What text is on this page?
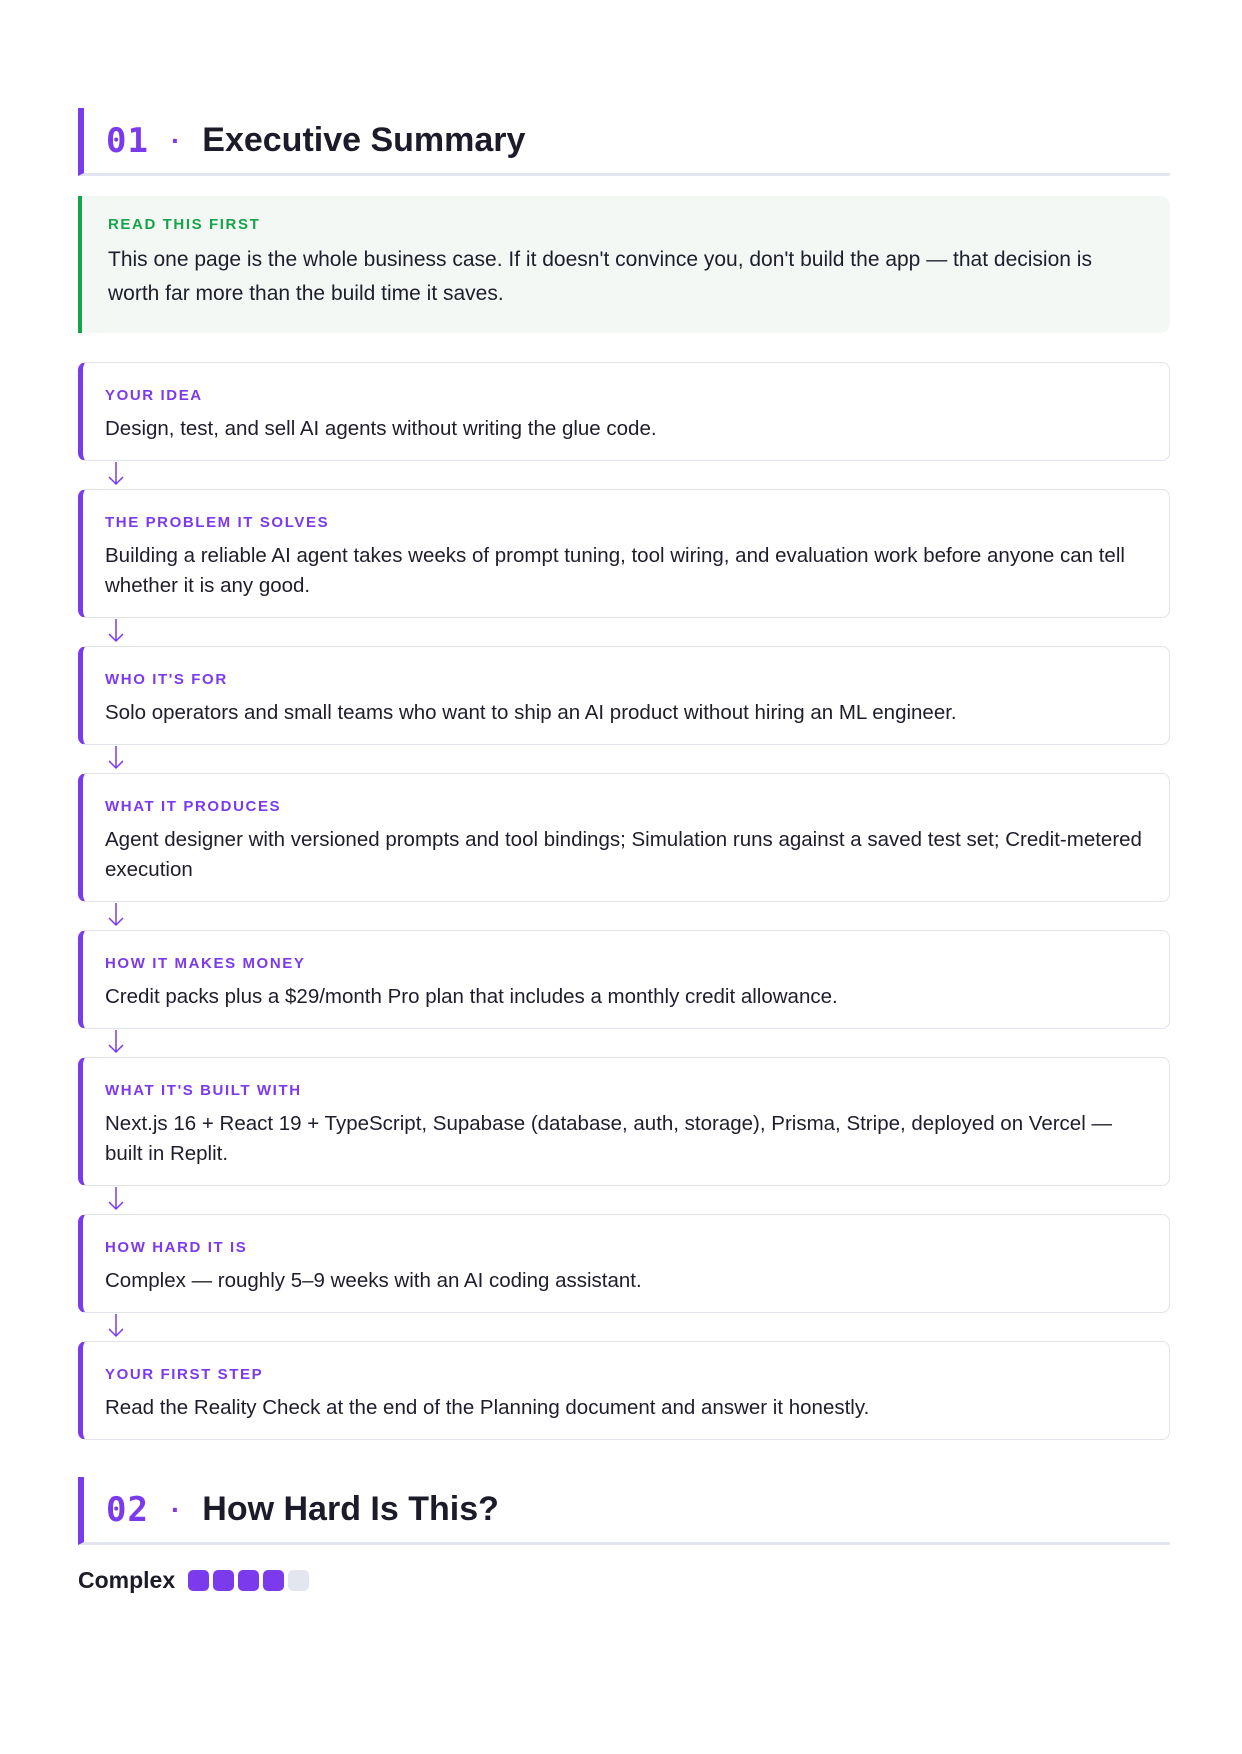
01 · Executive Summary
READ THIS FIRST
This one page is the whole business case. If it doesn't convince you, don't build the app — that decision is worth far more than the build time it saves.
YOUR IDEA
Design, test, and sell AI agents without writing the glue code.
THE PROBLEM IT SOLVES
Building a reliable AI agent takes weeks of prompt tuning, tool wiring, and evaluation work before anyone can tell whether it is any good.
WHO IT'S FOR
Solo operators and small teams who want to ship an AI product without hiring an ML engineer.
WHAT IT PRODUCES
Agent designer with versioned prompts and tool bindings; Simulation runs against a saved test set; Credit-metered execution
HOW IT MAKES MONEY
Credit packs plus a $29/month Pro plan that includes a monthly credit allowance.
WHAT IT'S BUILT WITH
Next.js 16 + React 19 + TypeScript, Supabase (database, auth, storage), Prisma, Stripe, deployed on Vercel — built in Replit.
HOW HARD IT IS
Complex — roughly 5–9 weeks with an AI coding assistant.
YOUR FIRST STEP
Read the Reality Check at the end of the Planning document and answer it honestly.
02 · How Hard Is This?
Complex
